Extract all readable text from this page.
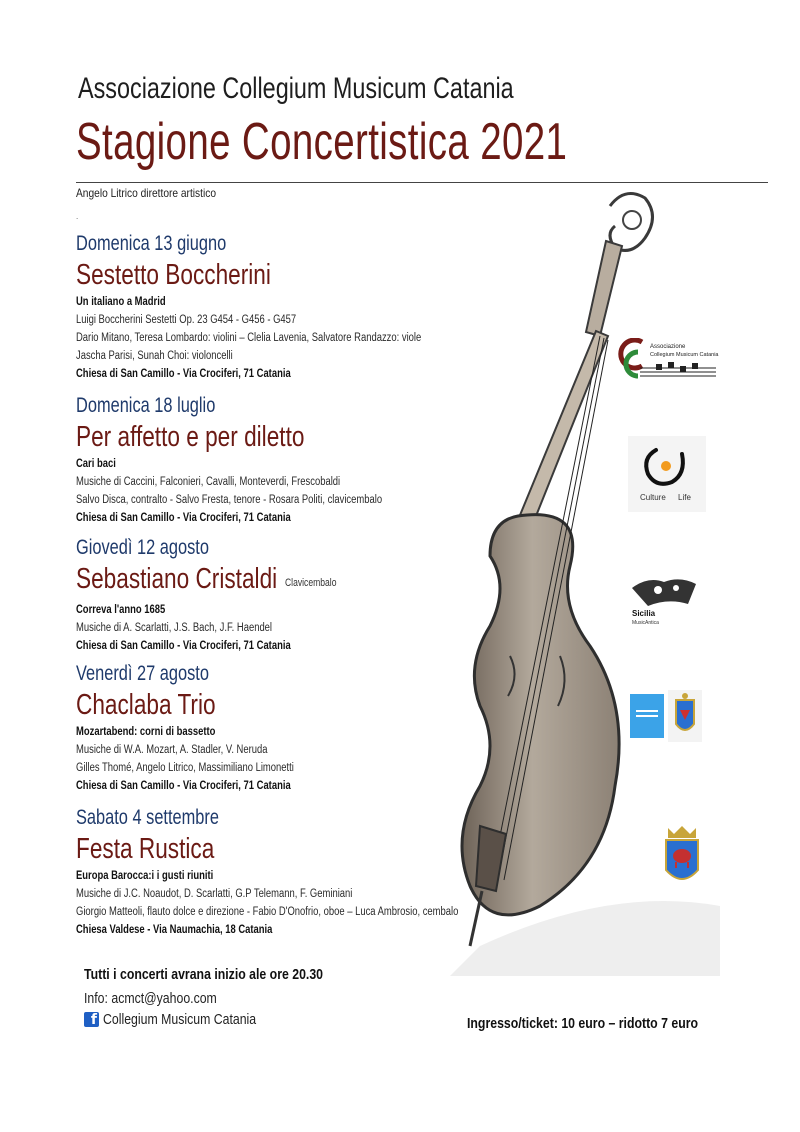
Associazione Collegium Musicum Catania
Stagione Concertistica 2021
Angelo Litrico direttore artistico
.
Domenica 13 giugno
Sestetto Boccherini
Un italiano a Madrid
Luigi Boccherini Sestetti Op. 23 G454 - G456 - G457
Dario Mitano, Teresa Lombardo: violini – Clelia Lavenia, Salvatore Randazzo: viole
Jascha Parisi, Sunah Choi: violoncelli
Chiesa di San Camillo - Via Crociferi, 71 Catania
Domenica 18 luglio
Per affetto e per diletto
Cari baci
Musiche di Caccini, Falconieri, Cavalli, Monteverdi, Frescobaldi
Salvo Disca, contralto - Salvo Fresta, tenore - Rosara Politi, clavicembalo
Chiesa di San Camillo - Via Crociferi, 71 Catania
Giovedì 12 agosto
Sebastiano Cristaldi Clavicembalo
Correva l'anno 1685
Musiche di A. Scarlatti, J.S. Bach, J.F. Haendel
Chiesa di San Camillo - Via Crociferi, 71 Catania
Venerdì 27 agosto
Chaclaba Trio
Mozartabend: corni di bassetto
Musiche di W.A. Mozart, A. Stadler, V. Neruda
Gilles Thomé, Angelo Litrico, Massimiliano Limonetti
Chiesa di San Camillo - Via Crociferi, 71 Catania
Sabato 4 settembre
Festa Rustica
Europa Barocca:i i gusti riuniti
Musiche di J.C. Noaudot, D. Scarlatti, G.P Telemann, F. Geminiani
Giorgio Matteoli, flauto dolce e direzione - Fabio D'Onofrio, oboe – Luca Ambrosio, cembalo
Chiesa Valdese - Via Naumachia, 18 Catania
Associazione
Collegium Musicum Catania
Culture Life
Sicilia
MusicAntica
Tutti i concerti avrana inizio ale ore 20.30
Info: acmct@yahoo.com
f Collegium Musicum Catania	Ingresso/ticket: 10 euro – ridotto 7 euro
